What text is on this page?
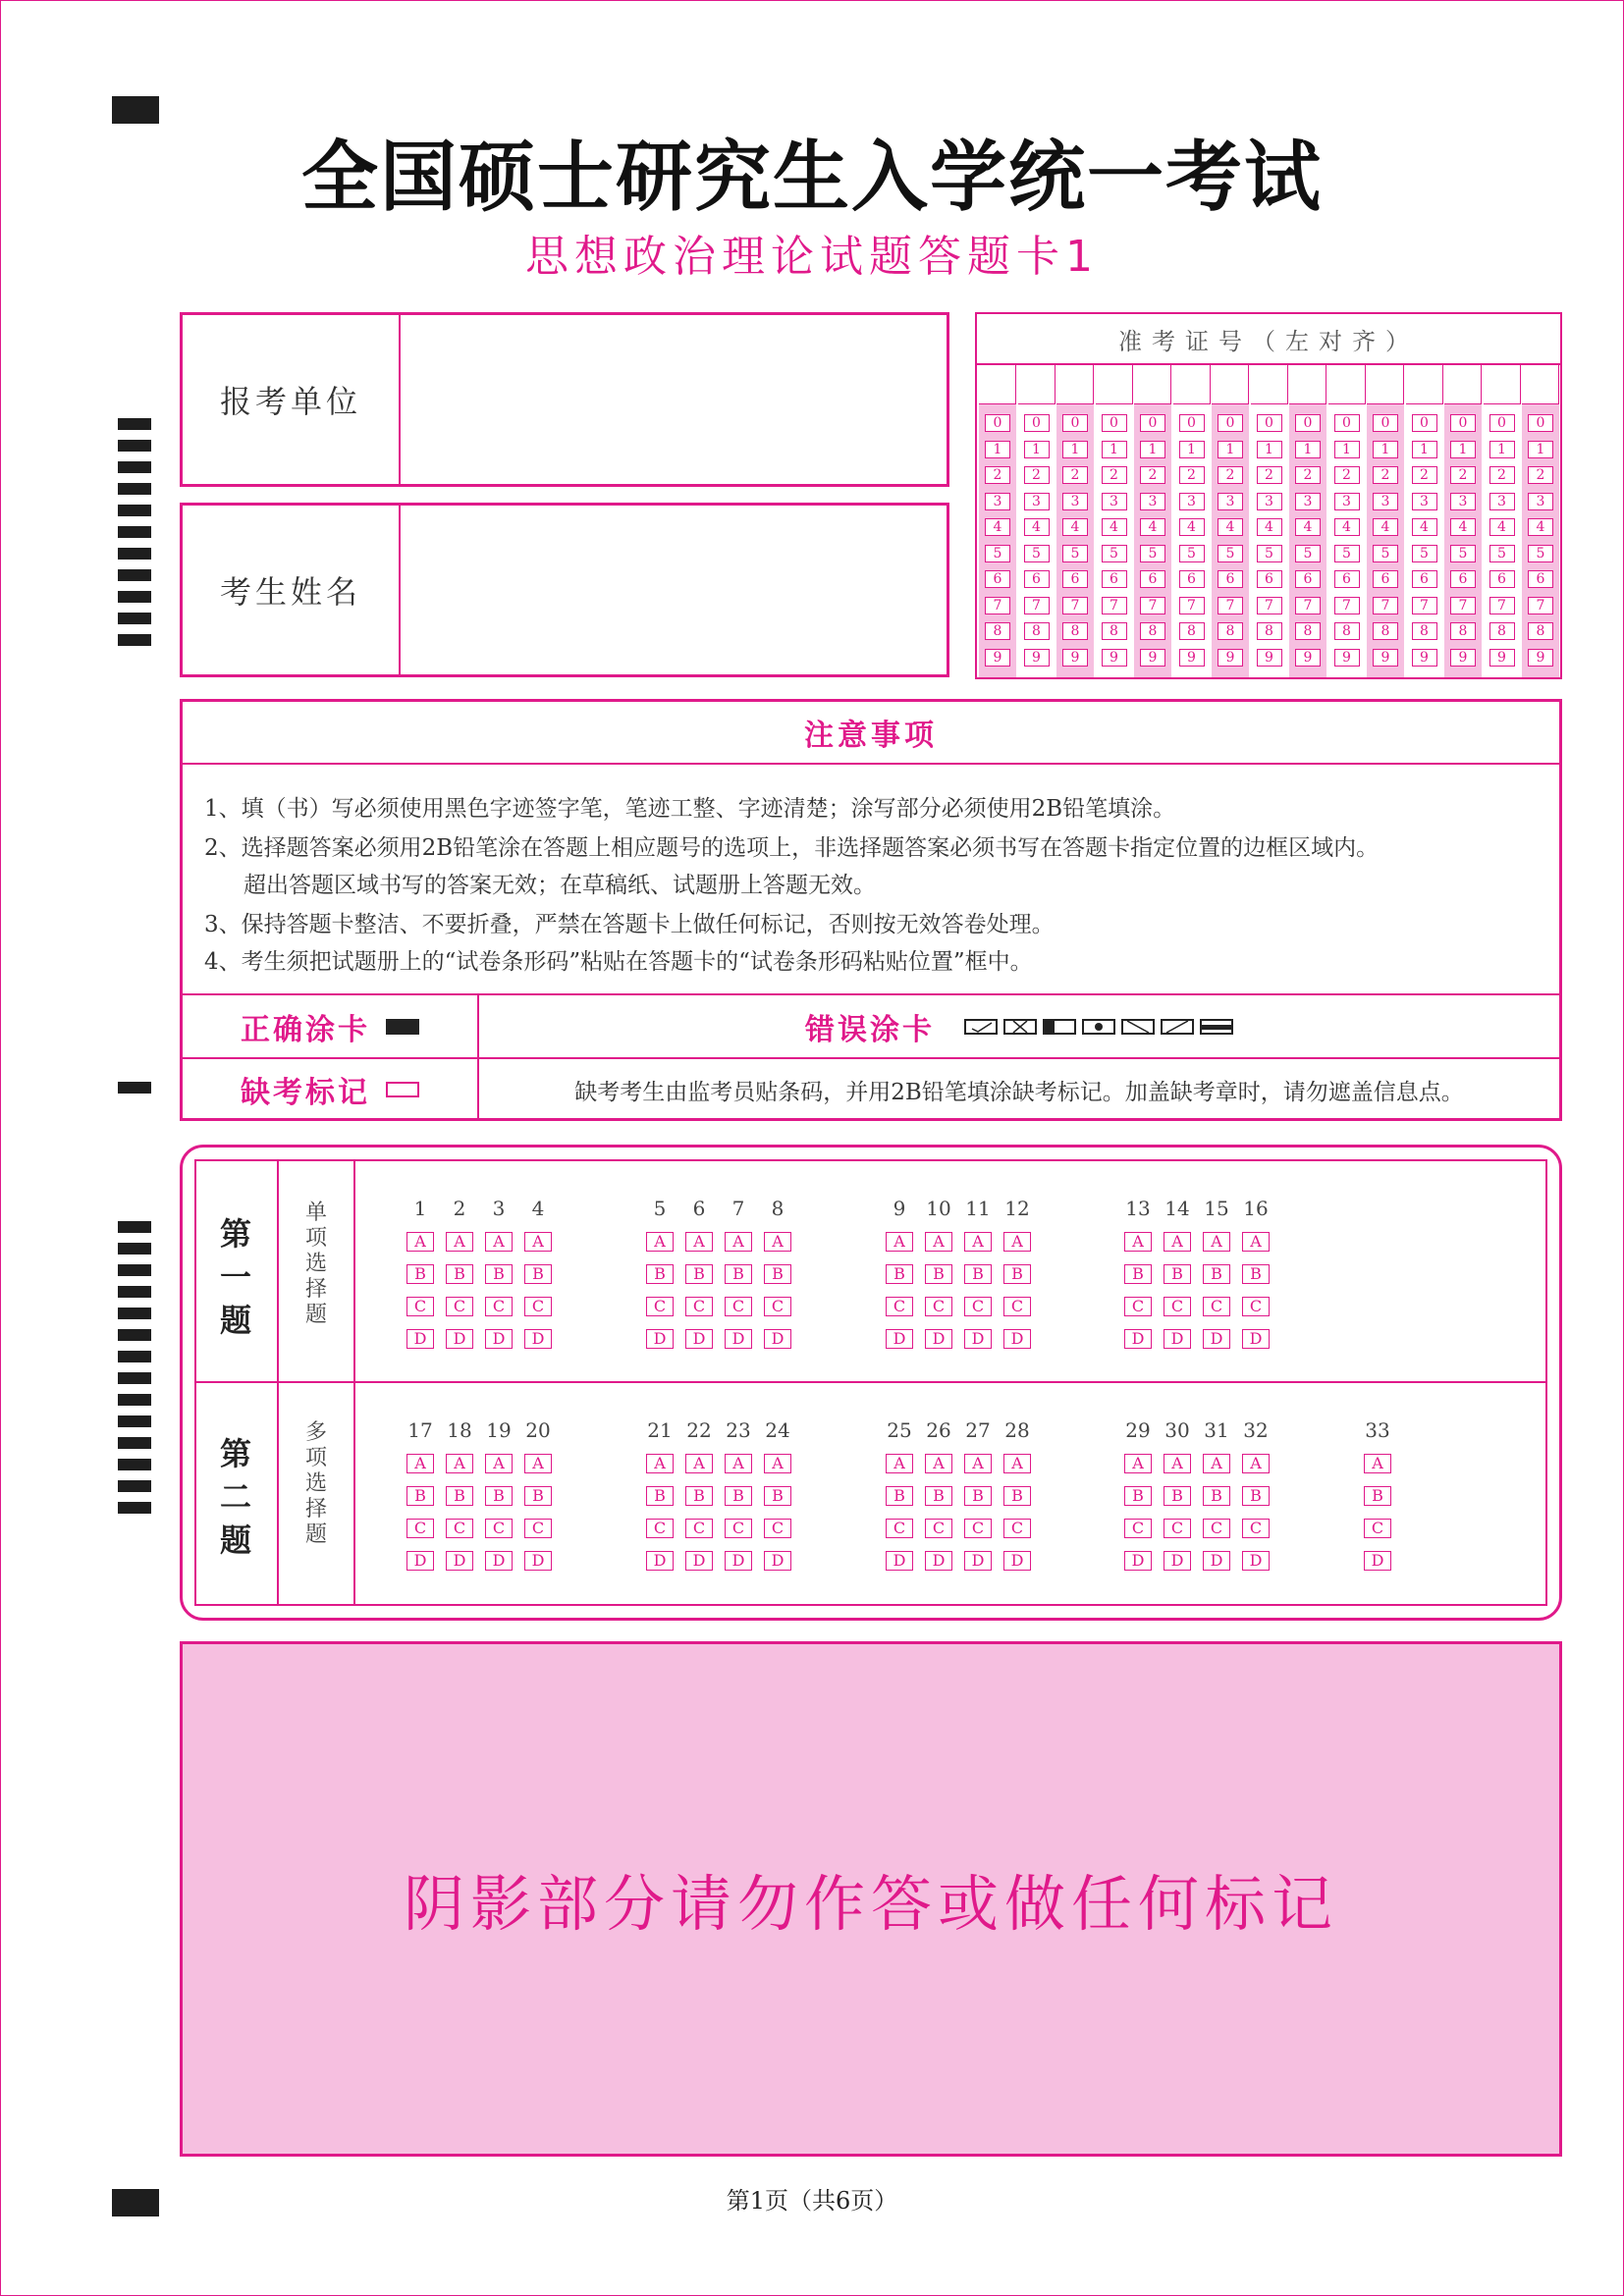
全国硕士研究生入学统一考试
思想政治理论试题答题卡1
报考单位
考生姓名
准考证号（左对齐）
0
1
2
3
4
5
6
7
8
9
0
1
2
3
4
5
6
7
8
9
0
1
2
3
4
5
6
7
8
9
0
1
2
3
4
5
6
7
8
9
0
1
2
3
4
5
6
7
8
9
0
1
2
3
4
5
6
7
8
9
0
1
2
3
4
5
6
7
8
9
0
1
2
3
4
5
6
7
8
9
0
1
2
3
4
5
6
7
8
9
0
1
2
3
4
5
6
7
8
9
0
1
2
3
4
5
6
7
8
9
0
1
2
3
4
5
6
7
8
9
0
1
2
3
4
5
6
7
8
9
0
1
2
3
4
5
6
7
8
9
0
1
2
3
4
5
6
7
8
9
注意事项
1、填（书）写必须使用黑色字迹签字笔，笔迹工整、字迹清楚；涂写部分必须使用2B铅笔填涂。
2、选择题答案必须用2B铅笔涂在答题上相应题号的选项上，非选择题答案必须书写在答题卡指定位置的边框区域内。
超出答题区域书写的答案无效；在草稿纸、试题册上答题无效。
3、保持答题卡整洁、不要折叠，严禁在答题卡上做任何标记，否则按无效答卷处理。
4、考生须把试题册上的“试卷条形码”粘贴在答题卡的“试卷条形码粘贴位置”框中。
正确涂卡	错误涂卡
缺考标记	缺考考生由监考员贴条码，并用2B铅笔填涂缺考标记。加盖缺考章时，请勿遮盖信息点。
第
一
题
单
项
选
择
题
第
二
题
多
项
选
择
题
1
A
B
C
D
2
A
B
C
D
3
A
B
C
D
4
A
B
C
D
5
A
B
C
D
6
A
B
C
D
7
A
B
C
D
8
A
B
C
D
9
A
B
C
D
10
A
B
C
D
11
A
B
C
D
12
A
B
C
D
13
A
B
C
D
14
A
B
C
D
15
A
B
C
D
16
A
B
C
D
17
A
B
C
D
18
A
B
C
D
19
A
B
C
D
20
A
B
C
D
21
A
B
C
D
22
A
B
C
D
23
A
B
C
D
24
A
B
C
D
25
A
B
C
D
26
A
B
C
D
27
A
B
C
D
28
A
B
C
D
29
A
B
C
D
30
A
B
C
D
31
A
B
C
D
32
A
B
C
D
33
A
B
C
D
阴影部分请勿作答或做任何标记
第1页（共6页）
